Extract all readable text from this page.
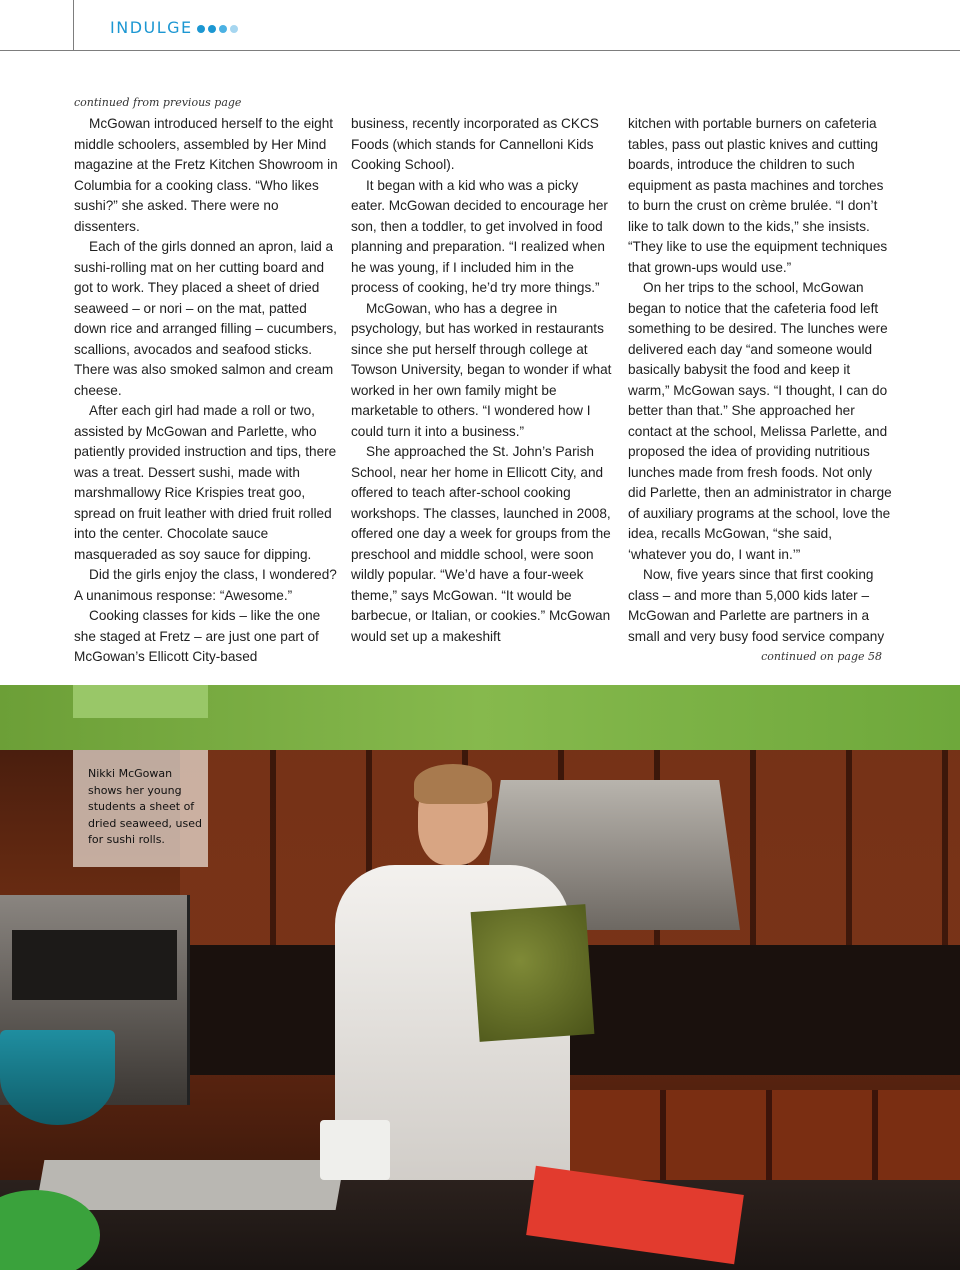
INDULGE
continued from previous page

McGowan introduced herself to the eight middle schoolers, assembled by Her Mind magazine at the Fretz Kitchen Showroom in Columbia for a cooking class. “Who likes sushi?” she asked. There were no dissenters.

Each of the girls donned an apron, laid a sushi-rolling mat on her cutting board and got to work. They placed a sheet of dried seaweed – or nori – on the mat, patted down rice and arranged filling – cucumbers, scallions, avocados and seafood sticks. There was also smoked salmon and cream cheese.

After each girl had made a roll or two, assisted by McGowan and Parlette, who patiently provided instruction and tips, there was a treat. Dessert sushi, made with marshmallowy Rice Krispies treat goo, spread on fruit leather with dried fruit rolled into the center. Chocolate sauce masqueraded as soy sauce for dipping.

Did the girls enjoy the class, I wondered? A unanimous response: “Awesome.”

Cooking classes for kids – like the one she staged at Fretz – are just one part of McGowan’s Ellicott City-based

business, recently incorporated as CKCS Foods (which stands for Cannelloni Kids Cooking School).

It began with a kid who was a picky eater. McGowan decided to encourage her son, then a toddler, to get involved in food planning and preparation. “I realized when he was young, if I included him in the process of cooking, he’d try more things.”

McGowan, who has a degree in psychology, but has worked in restaurants since she put herself through college at Towson University, began to wonder if what worked in her own family might be marketable to others. “I wondered how I could turn it into a business.”

She approached the St. John’s Parish School, near her home in Ellicott City, and offered to teach after-school cooking workshops. The classes, launched in 2008, offered one day a week for groups from the preschool and middle school, were soon wildly popular. “We’d have a four-week theme,” says McGowan. “It would be barbecue, or Italian, or cookies.” McGowan would set up a makeshift

kitchen with portable burners on cafeteria tables, pass out plastic knives and cutting boards, introduce the children to such equipment as pasta machines and torches to burn the crust on crème brulée. “I don’t like to talk down to the kids,” she insists. “They like to use the equipment techniques that grown-ups would use.”

On her trips to the school, McGowan began to notice that the cafeteria food left something to be desired. The lunches were delivered each day “and someone would basically babysit the food and keep it warm,” McGowan says. “I thought, I can do better than that.” She approached her contact at the school, Melissa Parlette, and proposed the idea of providing nutritious lunches made from fresh foods. Not only did Parlette, then an administrator in charge of auxiliary programs at the school, love the idea, recalls McGowan, “she said, ‘whatever you do, I want in.’”

Now, five years since that first cooking class – and more than 5,000 kids later – McGowan and Parlette are partners in a small and very busy food service company

continued on page 58
Nikki McGowan shows her young students a sheet of dried seaweed, used for sushi rolls.
